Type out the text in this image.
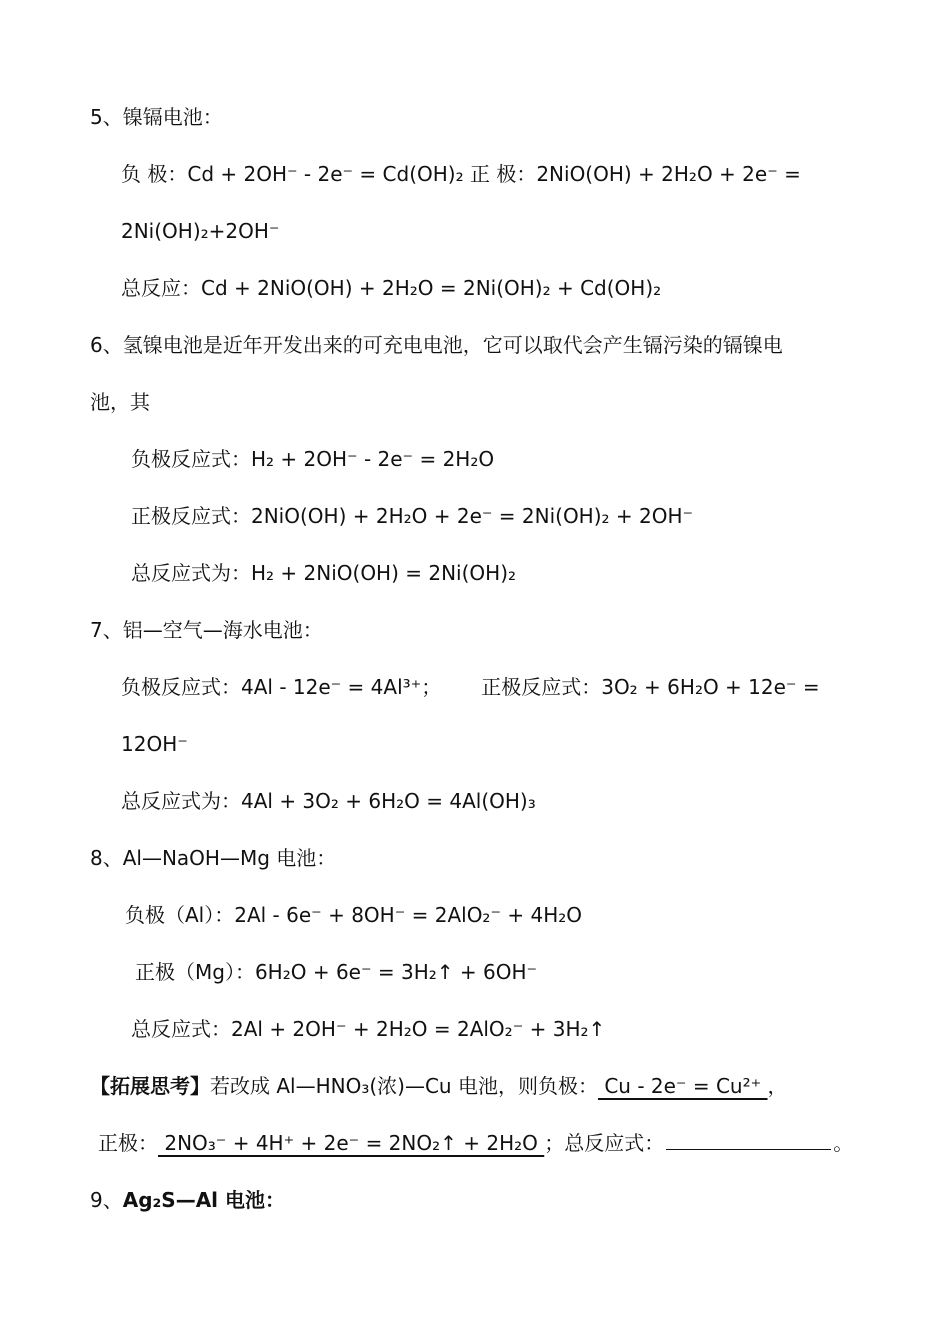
5、镍镉电池：
负 极：Cd + 2OH⁻ - 2e⁻ = Cd(OH)₂ 正 极：2NiO(OH) + 2H₂O + 2e⁻ =
2Ni(OH)₂+2OH⁻
总反应：Cd + 2NiO(OH) + 2H₂O = 2Ni(OH)₂ + Cd(OH)₂
6、氢镍电池是近年开发出来的可充电电池，它可以取代会产生镉污染的镉镍电
池，其
负极反应式：H₂ + 2OH⁻ - 2e⁻ = 2H₂O
正极反应式：2NiO(OH) + 2H₂O + 2e⁻ = 2Ni(OH)₂ + 2OH⁻
总反应式为：H₂ + 2NiO(OH) = 2Ni(OH)₂
7、铝—空气—海水电池：
负极反应式：4Al - 12e⁻ = 4Al³⁺； 正极反应式：3O₂ + 6H₂O + 12e⁻ =
12OH⁻
总反应式为：4Al + 3O₂ + 6H₂O = 4Al(OH)₃
8、Al—NaOH—Mg 电池：
负极（Al）：2Al - 6e⁻ + 8OH⁻ = 2AlO₂⁻ + 4H₂O
正极（Mg）：6H₂O + 6e⁻ = 3H₂↑ + 6OH⁻
总反应式：2Al + 2OH⁻ + 2H₂O = 2AlO₂⁻ + 3H₂↑
【拓展思考】若改成 Al—HNO₃(浓)—Cu 电池，则负极： Cu - 2e⁻ = Cu²⁺ ，
正极： 2NO₃⁻ + 4H⁺ + 2e⁻ = 2NO₂↑ + 2H₂O ；总反应式：	。
9、Ag₂S—Al 电池：
